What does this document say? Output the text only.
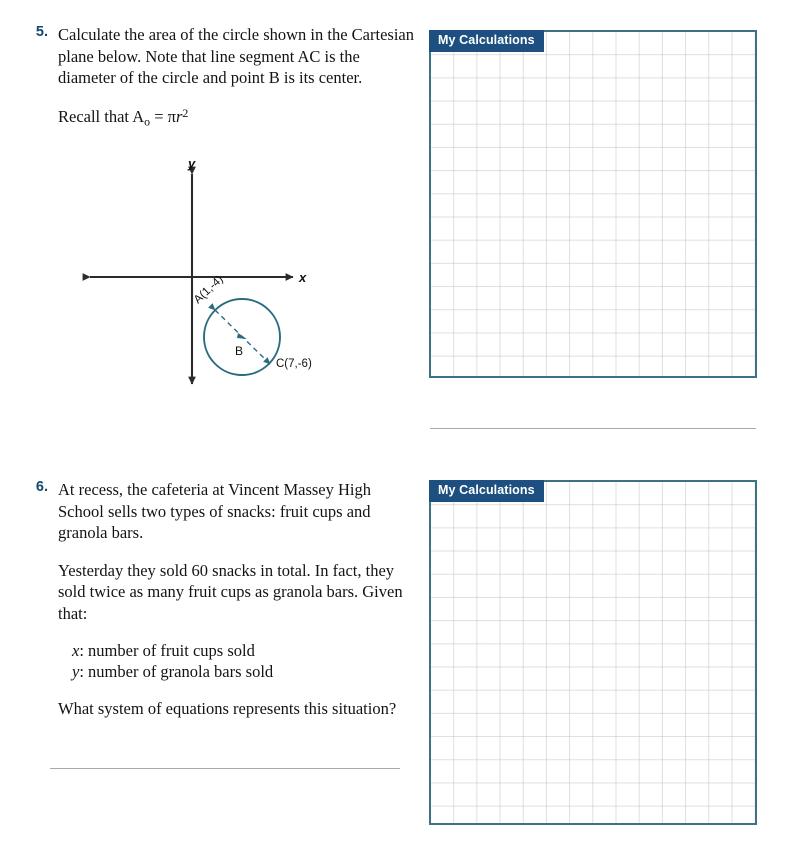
5. Calculate the area of the circle shown in the Cartesian plane below. Note that line segment AC is the diameter of the circle and point B is its center.

Recall that $A_o = \pi r^2$

y
x
A(1,-4)
B
C(7,-6)
My Calculations
6. At recess, the cafeteria at Vincent Massey High School sells two types of snacks: fruit cups and granola bars.

Yesterday they sold 60 snacks in total. In fact, they sold twice as many fruit cups as granola bars. Given that:

x: number of fruit cups sold
y: number of granola bars sold

What system of equations represents this situation?

My Calculations
